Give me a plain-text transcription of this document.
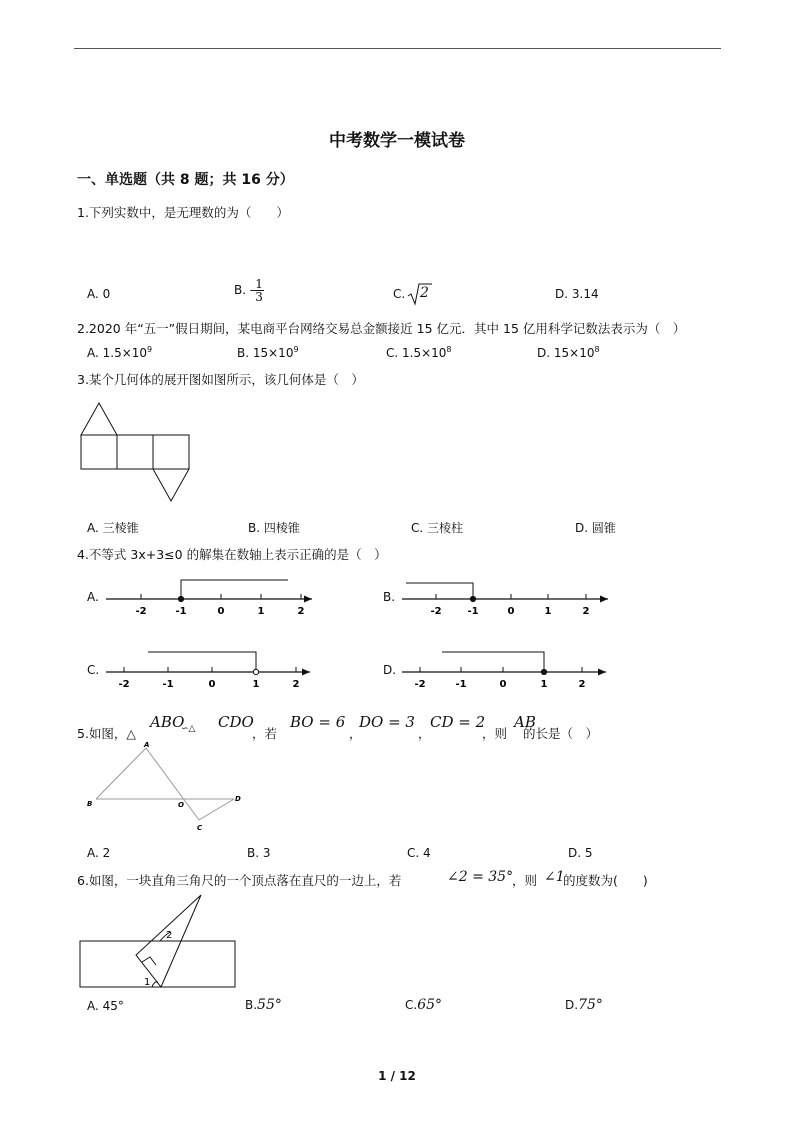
中考数学一模试卷
一、单选题（共 8 题；共 16 分）
1.下列实数中，是无理数的为（　　）
A. 0	B. - $\frac{1}{3}$	C. 2	D. 3.14
2.2020 年“五一”假日期间，某电商平台网络交易总金额接近 15 亿元．其中 15 亿用科学记数法表示为（　）
A. $1.5\times 10^9$	B. $15\times 10^9$	C. $1.5\times 10^8$	D. $15\times 10^8$
3.某个几何体的展开图如图所示，该几何体是（　）
A. 三棱锥	B. 四棱锥	C. 三棱柱	D. 圆锥
4.不等式 3x+3≤0 的解集在数轴上表示正确的是（　）
A.
-2	-1	0	1	2
B.
-2	-1	0	1	2
C.
-2	-1	0	1	2
D.
-2	-1	0	1	2
5.如图，△
ABO
∽△ CDO
，若
BO = 6
，
DO = 3
，
CD = 2
，则
AB
的长是（　）
A
B	O
D
C
A. 2	B. 3	C. 4	D. 5
6.如图，一块直角三角尺的一个顶点落在直尺的一边上，若	∠2 = 35°
，则 ∠1
的度数为(　　)
2
1
A. 45°	B.55°	C.65°	D.75°
1 / 12
